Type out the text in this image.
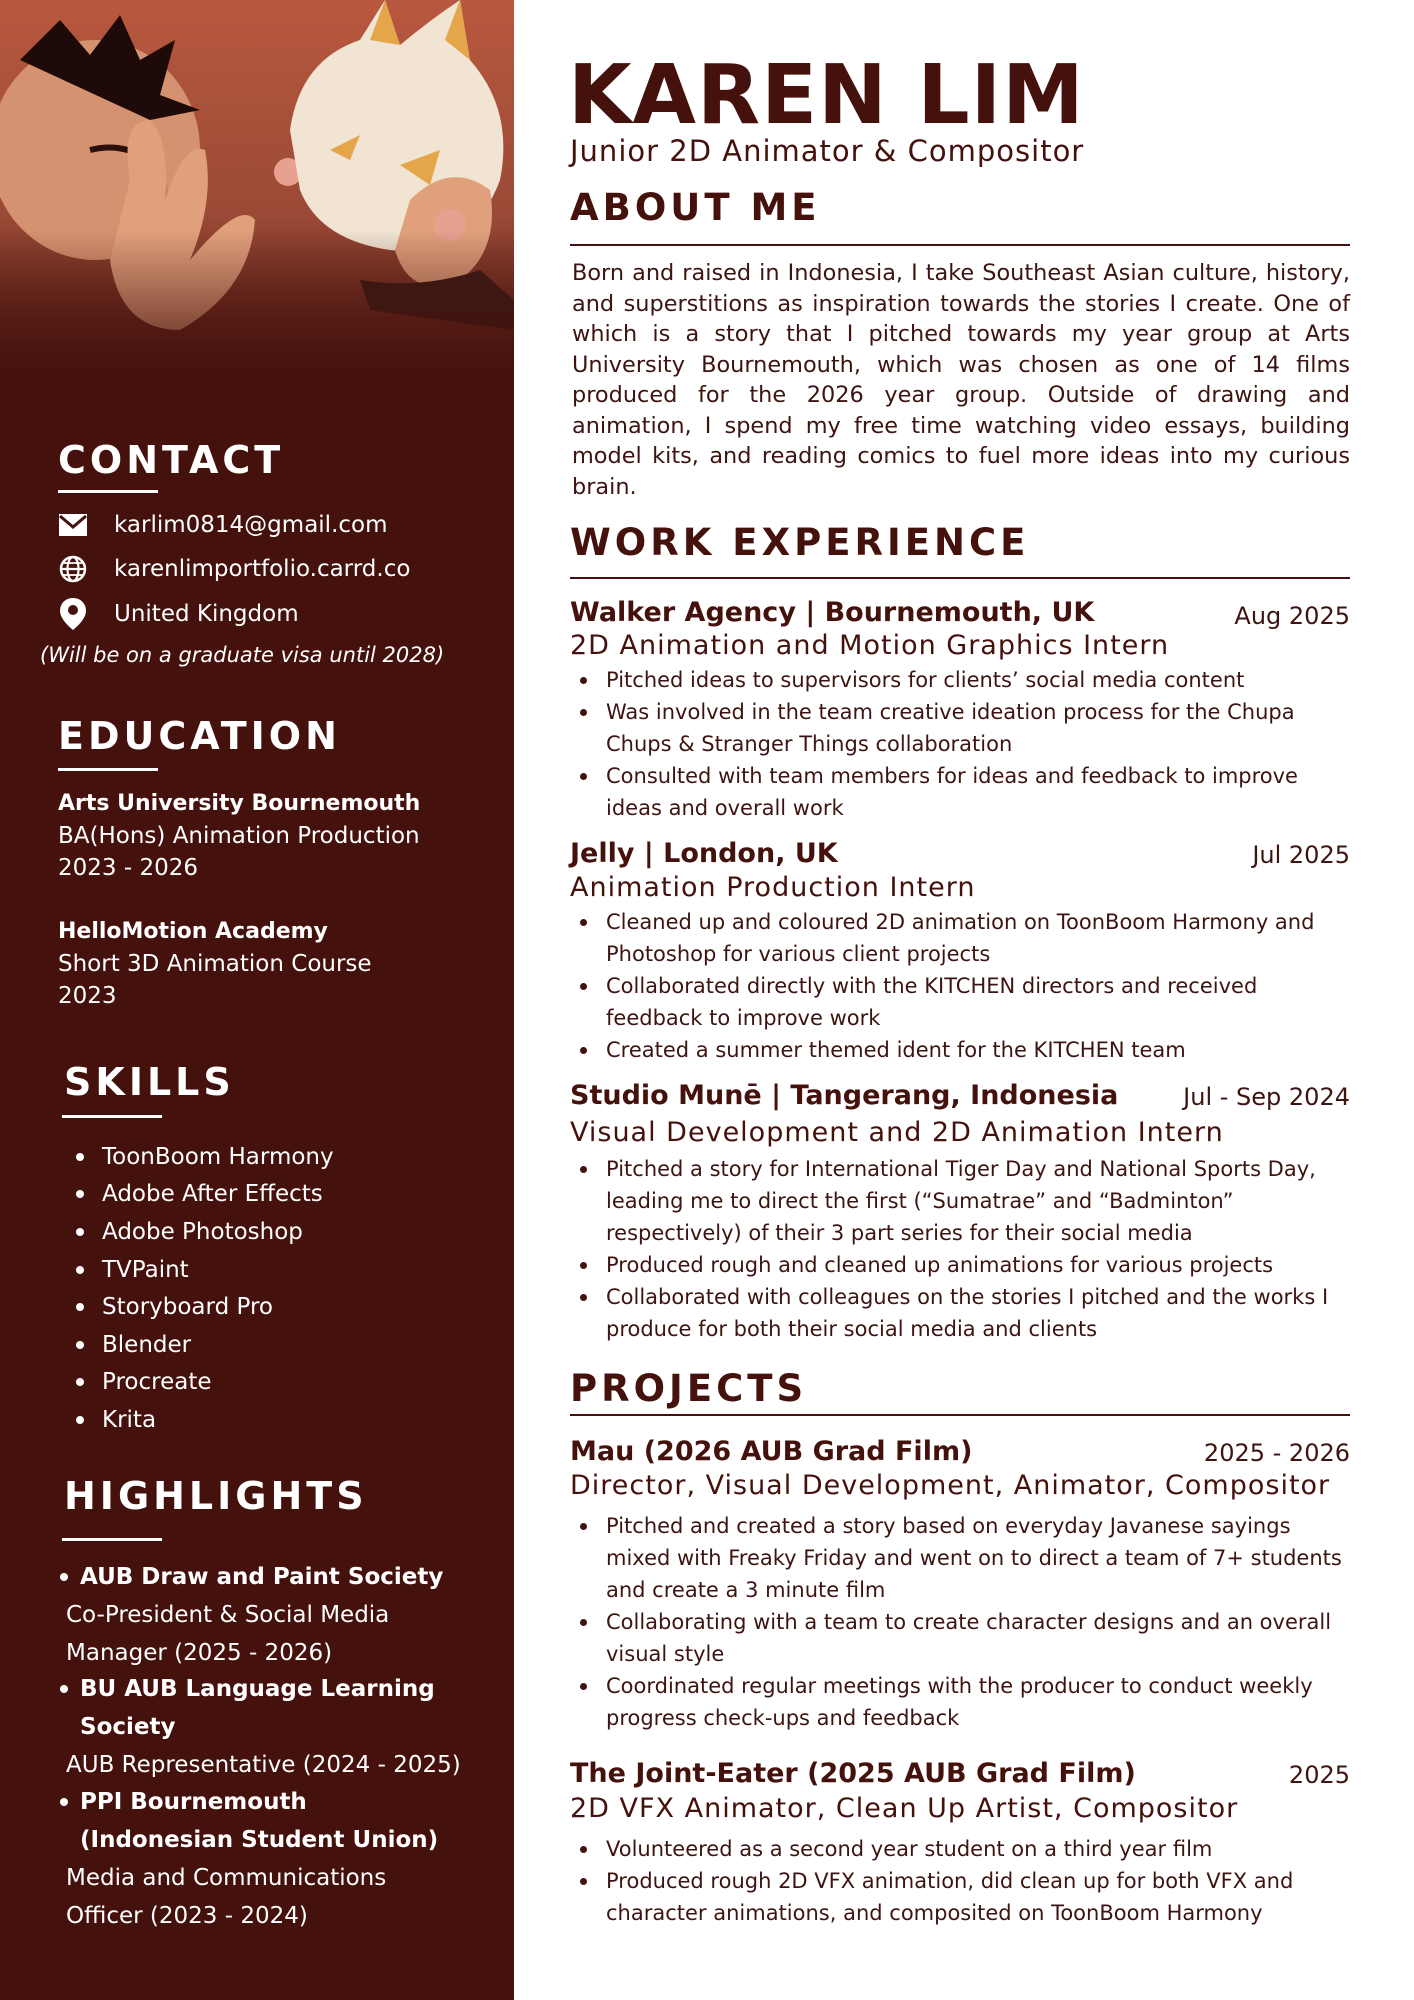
CONTACT
karlim0814@gmail.com
karenlimportfolio.carrd.co
United Kingdom
(Will be on a graduate visa until 2028)
EDUCATION
Arts University Bournemouth
BA(Hons) Animation Production
2023 - 2026
HelloMotion Academy
Short 3D Animation Course
2023
SKILLS
ToonBoom Harmony
Adobe After Effects
Adobe Photoshop
TVPaint
Storyboard Pro
Blender
Procreate
Krita
HIGHLIGHTS
AUB Draw and Paint Society
Co-President & Social Media
Manager (2025 - 2026)
BU AUB Language Learning
Society
AUB Representative (2024 - 2025)
PPI Bournemouth
(Indonesian Student Union)
Media and Communications
Officer (2023 - 2024)
KAREN LIM
Junior 2D Animator & Compositor
ABOUT ME
Born and raised in Indonesia, I take Southeast Asian culture, history, and superstitions as inspiration towards the stories I create. One of which is a story that I pitched towards my year group at Arts University Bournemouth, which was chosen as one of 14 films produced for the 2026 year group. Outside of drawing and animation, I spend my free time watching video essays, building model kits, and reading comics to fuel more ideas into my curious brain.
WORK EXPERIENCE
Walker Agency | Bournemouth, UK	Aug 2025
2D Animation and Motion Graphics Intern
Pitched ideas to supervisors for clients’ social media content
Was involved in the team creative ideation process for the Chupa Chups & Stranger Things collaboration
Consulted with team members for ideas and feedback to improve ideas and overall work
Jelly | London, UK	Jul 2025
Animation Production Intern
Cleaned up and coloured 2D animation on ToonBoom Harmony and Photoshop for various client projects
Collaborated directly with the KITCHEN directors and received feedback to improve work
Created a summer themed ident for the KITCHEN team
Studio Munē | Tangerang, Indonesia	Jul - Sep 2024
Visual Development and 2D Animation Intern
Pitched a story for International Tiger Day and National Sports Day, leading me to direct the first (“Sumatrae” and “Badminton” respectively) of their 3 part series for their social media
Produced rough and cleaned up animations for various projects
Collaborated with colleagues on the stories I pitched and the works I produce for both their social media and clients
PROJECTS
Mau (2026 AUB Grad Film)	2025 - 2026
Director, Visual Development, Animator, Compositor
Pitched and created a story based on everyday Javanese sayings mixed with Freaky Friday and went on to direct a team of 7+ students and create a 3 minute film
Collaborating with a team to create character designs and an overall visual style
Coordinated regular meetings with the producer to conduct weekly progress check-ups and feedback
The Joint-Eater (2025 AUB Grad Film)	2025
2D VFX Animator, Clean Up Artist, Compositor
Volunteered as a second year student on a third year film
Produced rough 2D VFX animation, did clean up for both VFX and character animations, and composited on ToonBoom Harmony
